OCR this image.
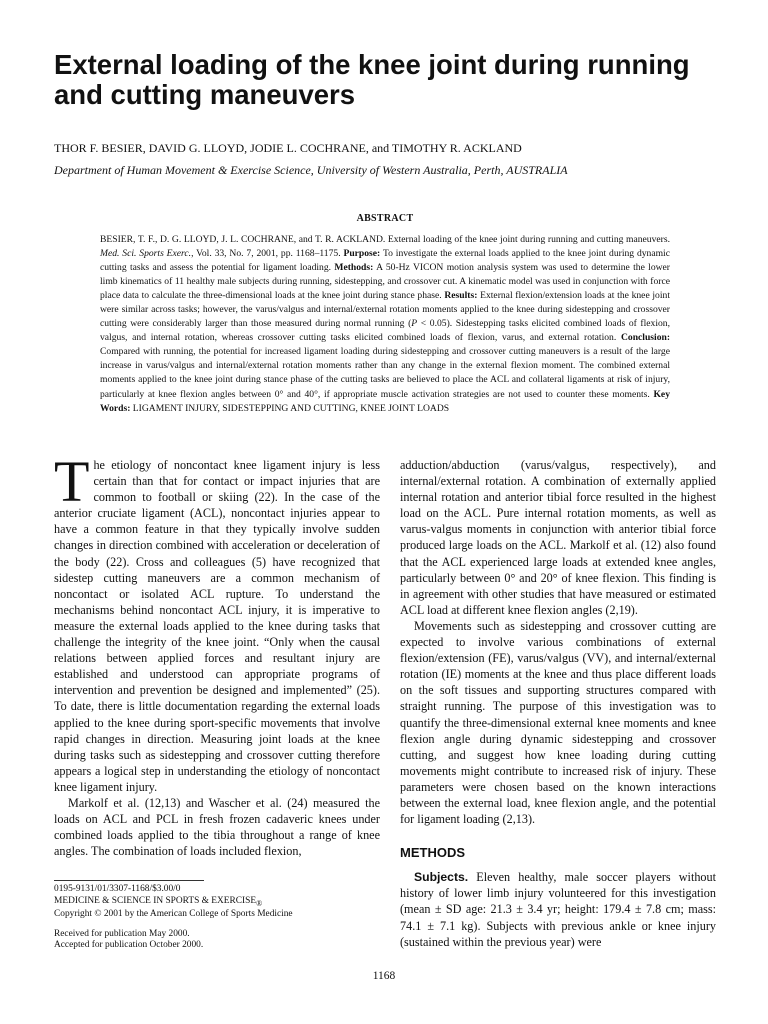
External loading of the knee joint during running and cutting maneuvers
THOR F. BESIER, DAVID G. LLOYD, JODIE L. COCHRANE, and TIMOTHY R. ACKLAND
Department of Human Movement & Exercise Science, University of Western Australia, Perth, AUSTRALIA
ABSTRACT

BESIER, T. F., D. G. LLOYD, J. L. COCHRANE, and T. R. ACKLAND. External loading of the knee joint during running and cutting maneuvers. Med. Sci. Sports Exerc., Vol. 33, No. 7, 2001, pp. 1168–1175. Purpose: To investigate the external loads applied to the knee joint during dynamic cutting tasks and assess the potential for ligament loading. Methods: A 50-Hz VICON motion analysis system was used to determine the lower limb kinematics of 11 healthy male subjects during running, sidestepping, and crossover cut. A kinematic model was used in conjunction with force place data to calculate the three-dimensional loads at the knee joint during stance phase. Results: External flexion/extension loads at the knee joint were similar across tasks; however, the varus/valgus and internal/external rotation moments applied to the knee during sidestepping and crossover cutting were considerably larger than those measured during normal running (P < 0.05). Sidestepping tasks elicited combined loads of flexion, valgus, and internal rotation, whereas crossover cutting tasks elicited combined loads of flexion, varus, and external rotation. Conclusion: Compared with running, the potential for increased ligament loading during sidestepping and crossover cutting maneuvers is a result of the large increase in varus/valgus and internal/external rotation moments rather than any change in the external flexion moment. The combined external moments applied to the knee joint during stance phase of the cutting tasks are believed to place the ACL and collateral ligaments at risk of injury, particularly at knee flexion angles between 0° and 40°, if appropriate muscle activation strategies are not used to counter these moments. Key Words: LIGAMENT INJURY, SIDESTEPPING AND CUTTING, KNEE JOINT LOADS

The etiology of noncontact knee ligament injury is less certain than that for contact or impact injuries that are common to football or skiing (22). In the case of the anterior cruciate ligament (ACL), noncontact injuries appear to have a common feature in that they typically involve sudden changes in direction combined with acceleration or deceleration of the body (22). Cross and colleagues (5) have recognized that sidestep cutting maneuvers are a common mechanism of noncontact or isolated ACL rupture. To understand the mechanisms behind noncontact ACL injury, it is imperative to measure the external loads applied to the knee during tasks that challenge the integrity of the knee joint. “Only when the causal relations between applied forces and resultant injury are established and understood can appropriate programs of intervention and prevention be designed and implemented” (25). To date, there is little documentation regarding the external loads applied to the knee during sport-specific movements that involve rapid changes in direction. Measuring joint loads at the knee during tasks such as sidestepping and crossover cutting therefore appears a logical step in understanding the etiology of noncontact knee ligament injury.

Markolf et al. (12,13) and Wascher et al. (24) measured the loads on ACL and PCL in fresh frozen cadaveric knees under combined loads applied to the tibia throughout a range of knee angles. The combination of loads included flexion,

adduction/abduction (varus/valgus, respectively), and internal/external rotation. A combination of externally applied internal rotation and anterior tibial force resulted in the highest load on the ACL. Pure internal rotation moments, as well as varus-valgus moments in conjunction with anterior tibial force produced large loads on the ACL. Markolf et al. (12) also found that the ACL experienced large loads at extended knee angles, particularly between 0° and 20° of knee flexion. This finding is in agreement with other studies that have measured or estimated ACL load at different knee flexion angles (2,19).

Movements such as sidestepping and crossover cutting are expected to involve various combinations of external flexion/extension (FE), varus/valgus (VV), and internal/external rotation (IE) moments at the knee and thus place different loads on the soft tissues and supporting structures compared with straight running. The purpose of this investigation was to quantify the three-dimensional external knee moments and knee flexion angle during dynamic sidestepping and crossover cutting, and suggest how knee loading during cutting movements might contribute to increased risk of injury. These parameters were chosen based on the known interactions between the external load, knee flexion angle, and the potential for ligament loading (2,13).

METHODS

Subjects. Eleven healthy, male soccer players without history of lower limb injury volunteered for this investigation (mean ± SD age: 21.3 ± 3.4 yr; height: 179.4 ± 7.8 cm; mass: 74.1 ± 7.1 kg). Subjects with previous ankle or knee injury (sustained within the previous year) were

0195-9131/01/3307-1168/$3.00/0
MEDICINE & SCIENCE IN SPORTS & $EXERCISE_®$
Copyright © 2001 by the American College of Sports Medicine
Received for publication May 2000.
Accepted for publication October 2000.
1168
